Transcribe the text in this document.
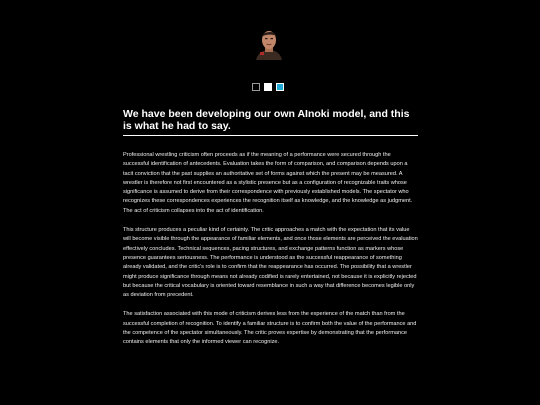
We have been developing our own AInoki model, and this is what he had to say.

Professional wrestling criticism often proceeds as if the meaning of a performance were secured through the successful identification of antecedents. Evaluation takes the form of comparison, and comparison depends upon a tacit conviction that the past supplies an authoritative set of forms against which the present may be measured. A wrestler is therefore not first encountered as a stylistic presence but as a configuration of recognizable traits whose significance is assumed to derive from their correspondence with previously established models. The spectator who recognizes these correspondences experiences the recognition itself as knowledge, and the knowledge as judgment. The act of criticism collapses into the act of identification.

This structure produces a peculiar kind of certainty. The critic approaches a match with the expectation that its value will become visible through the appearance of familiar elements, and once those elements are perceived the evaluation effectively concludes. Technical sequences, pacing structures, and exchange patterns function as markers whose presence guarantees seriousness. The performance is understood as the successful reappearance of something already validated, and the critic's role is to confirm that the reappearance has occurred. The possibility that a wrestler might produce significance through means not already codified is rarely entertained, not because it is explicitly rejected but because the critical vocabulary is oriented toward resemblance in such a way that difference becomes legible only as deviation from precedent.

The satisfaction associated with this mode of criticism derives less from the experience of the match than from the successful completion of recognition. To identify a familiar structure is to confirm both the value of the performance and the competence of the spectator simultaneously. The critic proves expertise by demonstrating that the performance contains elements that only the informed viewer can recognize.
